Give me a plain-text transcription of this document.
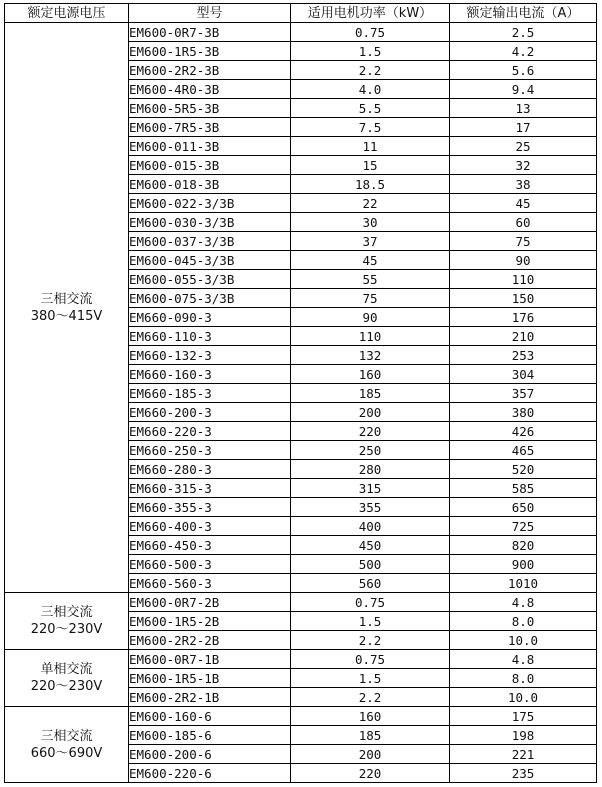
额定电源电压	型号	适用电机功率（kW）	额定输出电流（A）

三相交流
380～415V	EM600-0R7-3B	0.75	2.5
	EM600-1R5-3B	1.5	4.2
	EM600-2R2-3B	2.2	5.6
	EM600-4R0-3B	4.0	9.4
	EM600-5R5-3B	5.5	13
	EM600-7R5-3B	7.5	17
	EM600-011-3B	11	25
	EM600-015-3B	15	32
	EM600-018-3B	18.5	38
	EM600-022-3/3B	22	45
	EM600-030-3/3B	30	60
	EM600-037-3/3B	37	75
	EM600-045-3/3B	45	90
	EM600-055-3/3B	55	110
	EM600-075-3/3B	75	150
	EM660-090-3	90	176
	EM660-110-3	110	210
	EM660-132-3	132	253
	EM660-160-3	160	304
	EM660-185-3	185	357
	EM660-200-3	200	380
	EM660-220-3	220	426
	EM660-250-3	250	465
	EM660-280-3	280	520
	EM660-315-3	315	585
	EM660-355-3	355	650
	EM660-400-3	400	725
	EM660-450-3	450	820
	EM660-500-3	500	900
	EM660-560-3	560	1010

三相交流
220～230V	EM600-0R7-2B	0.75	4.8
	EM600-1R5-2B	1.5	8.0
	EM600-2R2-2B	2.2	10.0

单相交流
220～230V	EM600-0R7-1B	0.75	4.8
	EM600-1R5-1B	1.5	8.0
	EM600-2R2-1B	2.2	10.0

三相交流
660～690V	EM600-160-6	160	175
	EM600-185-6	185	198
	EM600-200-6	200	221
	EM600-220-6	220	235
